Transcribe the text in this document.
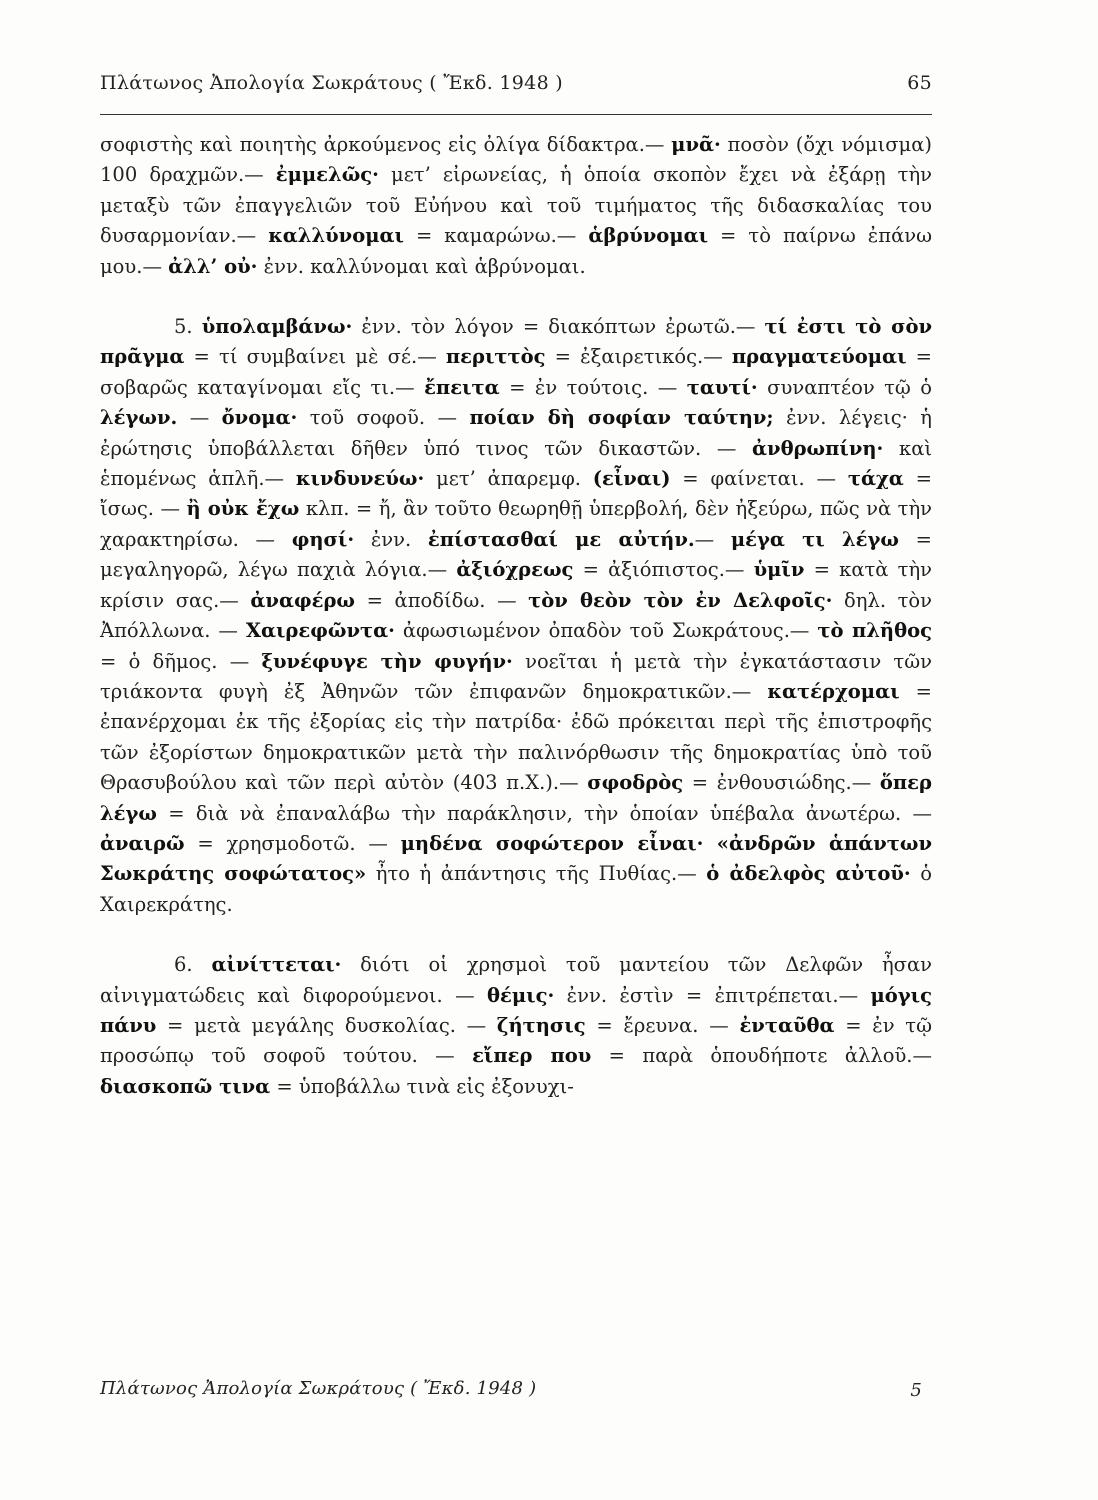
Πλάτωνος Ἀπολογία Σωκράτους ( Ἔκδ. 1948 )	65

σοφιστὴς καὶ ποιητὴς ἀρκούμενος εἰς ὀλίγα δίδακτρα.— μνᾶ· ποσὸν (ὄχι νόμισμα) 100 δραχμῶν.— ἐμμελῶς· μετ’ εἰρωνείας, ἡ ὁποία σκοπὸν ἔχει νὰ ἐξάρῃ τὴν μεταξὺ τῶν ἐπαγγελιῶν τοῦ Εὐήνου καὶ τοῦ τιμήματος τῆς διδασκαλίας του δυσαρμονίαν.— καλλύνομαι = καμαρώνω.— ἁβρύνομαι = τὸ παίρνω ἐπάνω μου.— ἀλλ’ οὐ· ἐνν. καλλύνομαι καὶ ἁβρύνομαι.

5. ὑπολαμβάνω· ἐνν. τὸν λόγον = διακόπτων ἐρωτῶ.— τί ἐστι τὸ σὸν πρᾶγμα = τί συμβαίνει μὲ σέ.— περιττὸς = ἐξαιρετικός.— πραγματεύομαι = σοβαρῶς καταγίνομαι εἴς τι.— ἔπειτα = ἐν τούτοις. — ταυτί· συναπτέον τῷ ὁ λέγων. — ὄνομα· τοῦ σοφοῦ. — ποίαν δὴ σοφίαν ταύτην; ἐνν. λέγεις· ἡ ἐρώτησις ὑποβάλλεται δῆθεν ὑπό τινος τῶν δικαστῶν. — ἀνθρωπίνη· καὶ ἑπομένως ἁπλῆ.— κινδυνεύω· μετ’ ἀπαρεμφ. (εἶναι) = φαίνεται. — τάχα = ἴσως. — ἢ οὐκ ἔχω κλπ. = ἤ, ἂν τοῦτο θεωρηθῇ ὑπερβολή, δὲν ἠξεύρω, πῶς νὰ τὴν χαρακτηρίσω. — φησί· ἐνν. ἐπίστασθαί με αὐτήν.— μέγα τι λέγω = μεγαληγορῶ, λέγω παχιὰ λόγια.— ἀξιόχρεως = ἀξιόπιστος.— ὑμῖν = κατὰ τὴν κρίσιν σας.— ἀναφέρω = ἀποδίδω. — τὸν θεὸν τὸν ἐν Δελφοῖς· δηλ. τὸν Ἀπόλλωνα. — Χαιρεφῶντα· ἀφωσιωμένον ὀπαδὸν τοῦ Σωκράτους.— τὸ πλῆθος = ὁ δῆμος. — ξυνέφυγε τὴν φυγήν· νοεῖται ἡ μετὰ τὴν ἐγκατάστασιν τῶν τριάκοντα φυγὴ ἐξ Ἀθηνῶν τῶν ἐπιφανῶν δημοκρατικῶν.— κατέρχομαι = ἐπανέρχομαι ἐκ τῆς ἐξορίας εἰς τὴν πατρίδα· ἐδῶ πρόκειται περὶ τῆς ἐπιστροφῆς τῶν ἐξορίστων δημοκρατικῶν μετὰ τὴν παλινόρθωσιν τῆς δημοκρατίας ὑπὸ τοῦ Θρασυβούλου καὶ τῶν περὶ αὐτὸν (403 π.Χ.).— σφοδρὸς = ἐνθουσιώδης.— ὅπερ λέγω = διὰ νὰ ἐπαναλάβω τὴν παράκλησιν, τὴν ὁποίαν ὑπέβαλα ἀνωτέρω. — ἀναιρῶ = χρησμοδοτῶ. — μηδένα σοφώτερον εἶναι· «ἀνδρῶν ἁπάντων Σωκράτης σοφώτατος» ἦτο ἡ ἀπάντησις τῆς Πυθίας.— ὁ ἀδελφὸς αὐτοῦ· ὁ Χαιρεκράτης.

6. αἰνίττεται· διότι οἱ χρησμοὶ τοῦ μαντείου τῶν Δελφῶν ἦσαν αἰνιγματώδεις καὶ διφορούμενοι. — θέμις· ἐνν. ἐστὶν = ἐπιτρέπεται.— μόγις πάνυ = μετὰ μεγάλης δυσκολίας. — ζήτησις = ἔρευνα. — ἐνταῦθα = ἐν τῷ προσώπῳ τοῦ σοφοῦ τούτου. — εἴπερ που = παρὰ ὁπουδήποτε ἀλλοῦ.— διασκοπῶ τινα = ὑποβάλλω τινὰ εἰς ἐξονυχι-

Πλάτωνος Ἀπολογία Σωκράτους ( Ἔκδ. 1948 )	5
